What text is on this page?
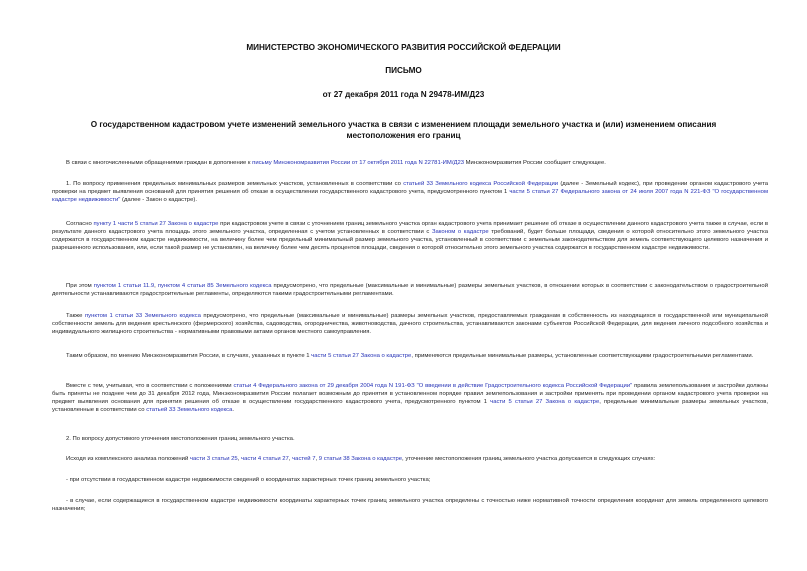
МИНИСТЕРСТВО ЭКОНОМИЧЕСКОГО РАЗВИТИЯ РОССИЙСКОЙ ФЕДЕРАЦИИ
ПИСЬМО
от 27 декабря 2011 года N 29478-ИМ/Д23
О государственном кадастровом учете изменений земельного участка в связи с изменением площади земельного участка и (или) изменением описания местоположения его границ

В связи с многочисленными обращениями граждан в дополнение к письму Минэкономразвития России от 17 октября 2011 года N 22781-ИМ/Д23 Минэкономразвития России сообщает следующее.

1. По вопросу применения предельных минимальных размеров земельных участков, установленных в соответствии со статьей 33 Земельного кодекса Российской Федерации (далее - Земельный кодекс), при проведении органом кадастрового учета проверки на предмет выявления оснований для принятия решения об отказе в осуществлении государственного кадастрового учета, предусмотренного пунктом 1 части 5 статьи 27 Федерального закона от 24 июля 2007 года N 221-ФЗ "О государственном кадастре недвижимости" (далее - Закон о кадастре).

Согласно пункту 1 части 5 статьи 27 Закона о кадастре при кадастровом учете в связи с уточнением границ земельного участка орган кадастрового учета принимает решение об отказе в осуществлении данного кадастрового учета также в случае, если в результате данного кадастрового учета площадь этого земельного участка, определенная с учетом установленных в соответствии с Законом о кадастре требований, будет больше площади, сведения о которой относительно этого земельного участка содержатся в государственном кадастре недвижимости, на величину более чем предельный минимальный размер земельного участка, установленный в соответствии с земельным законодательством для земель соответствующего целевого назначения и разрешенного использования, или, если такой размер не установлен, на величину более чем десять процентов площади, сведения о которой относительно этого земельного участка содержатся в государственном кадастре недвижимости.

При этом пунктом 1 статьи 11.9, пунктом 4 статьи 85 Земельного кодекса предусмотрено, что предельные (максимальные и минимальные) размеры земельных участков, в отношении которых в соответствии с законодательством о градостроительной деятельности устанавливаются градостроительные регламенты, определяются такими градостроительными регламентами.

Также пунктом 1 статьи 33 Земельного кодекса предусмотрено, что предельные (максимальные и минимальные) размеры земельных участков, предоставляемых гражданам в собственность из находящихся в государственной или муниципальной собственности земель для ведения крестьянского (фермерского) хозяйства, садоводства, огородничества, животноводства, дачного строительства, устанавливаются законами субъектов Российской Федерации, для ведения личного подсобного хозяйства и индивидуального жилищного строительства - нормативными правовыми актами органов местного самоуправления.

Таким образом, по мнению Минэкономразвития России, в случаях, указанных в пункте 1 части 5 статьи 27 Закона о кадастре, применяются предельные минимальные размеры, установленные соответствующими градостроительными регламентами.

Вместе с тем, учитывая, что в соответствии с положениями статьи 4 Федерального закона от 29 декабря 2004 года N 191-ФЗ "О введении в действие Градостроительного кодекса Российской Федерации" правила землепользования и застройки должны быть приняты не позднее чем до 31 декабря 2012 года, Минэкономразвития России полагает возможным до принятия в установленном порядке правил землепользования и застройки применять при проведении органом кадастрового учета проверки на предмет выявления основания для принятия решения об отказе в осуществлении государственного кадастрового учета, предусмотренного пунктом 1 части 5 статьи 27 Закона о кадастре, предельные минимальные размеры земельных участков, установленные в соответствии со статьей 33 Земельного кодекса.

2. По вопросу допустимого уточнения местоположения границ земельного участка.

Исходя из комплексного анализа положений части 3 статьи 25, части 4 статьи 27, частей 7, 9 статьи 38 Закона о кадастре, уточнение местоположения границ земельного участка допускается в следующих случаях:

- при отсутствии в государственном кадастре недвижимости сведений о координатах характерных точек границ земельного участка;

- в случае, если содержащиеся в государственном кадастре недвижимости координаты характерных точек границ земельного участка определены с точностью ниже нормативной точности определения координат для земель определенного целевого назначения;
